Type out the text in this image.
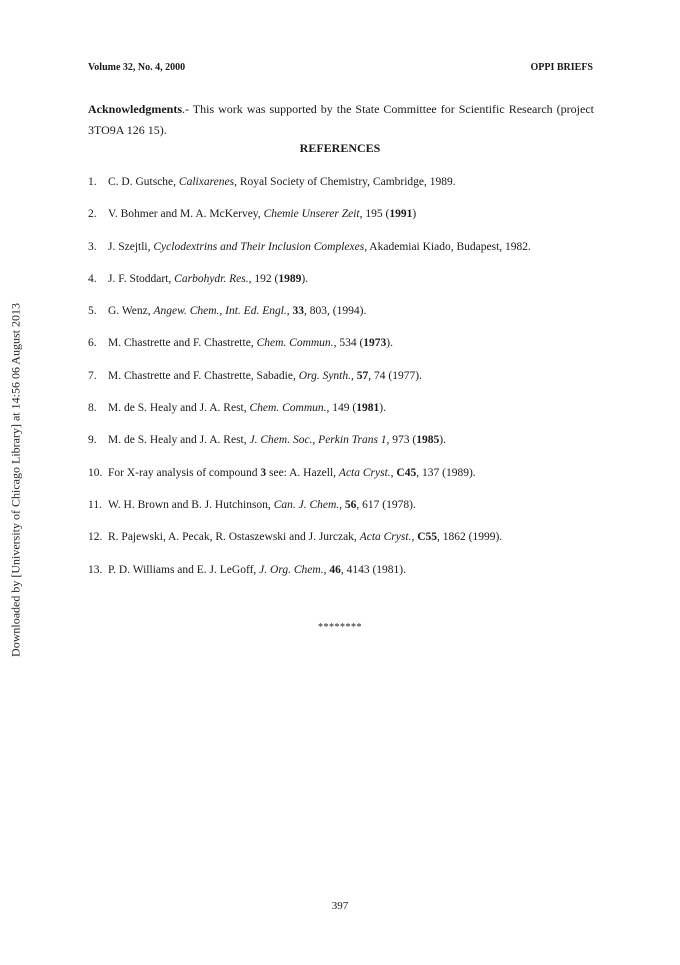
Volume 32, No. 4, 2000	OPPI BRIEFS
Acknowledgments.- This work was supported by the State Committee for Scientific Research (project 3TO9A 126 15).
REFERENCES
1. C. D. Gutsche, Calixarenes, Royal Society of Chemistry, Cambridge, 1989.
2. V. Bohmer and M. A. McKervey, Chemie Unserer Zeit, 195 (1991)
3. J. Szejtli, Cyclodextrins and Their Inclusion Complexes, Akademiai Kiado, Budapest, 1982.
4. J. F. Stoddart, Carbohydr. Res., 192 (1989).
5. G. Wenz, Angew. Chem., Int. Ed. Engl., 33, 803, (1994).
6. M. Chastrette and F. Chastrette, Chem. Commun., 534 (1973).
7. M. Chastrette and F. Chastrette, Sabadie, Org. Synth., 57, 74 (1977).
8. M. de S. Healy and J. A. Rest, Chem. Commun., 149 (1981).
9. M. de S. Healy and J. A. Rest, J. Chem. Soc., Perkin Trans 1, 973 (1985).
10. For X-ray analysis of compound 3 see: A. Hazell, Acta Cryst., C45, 137 (1989).
11. W. H. Brown and B. J. Hutchinson, Can. J. Chem., 56, 617 (1978).
12. R. Pajewski, A. Pecak, R. Ostaszewski and J. Jurczak, Acta Cryst., C55, 1862 (1999).
13. P. D. Williams and E. J. LeGoff, J. Org. Chem., 46, 4143 (1981).
********
397
Downloaded by [University of Chicago Library] at 14:56 06 August 2013
